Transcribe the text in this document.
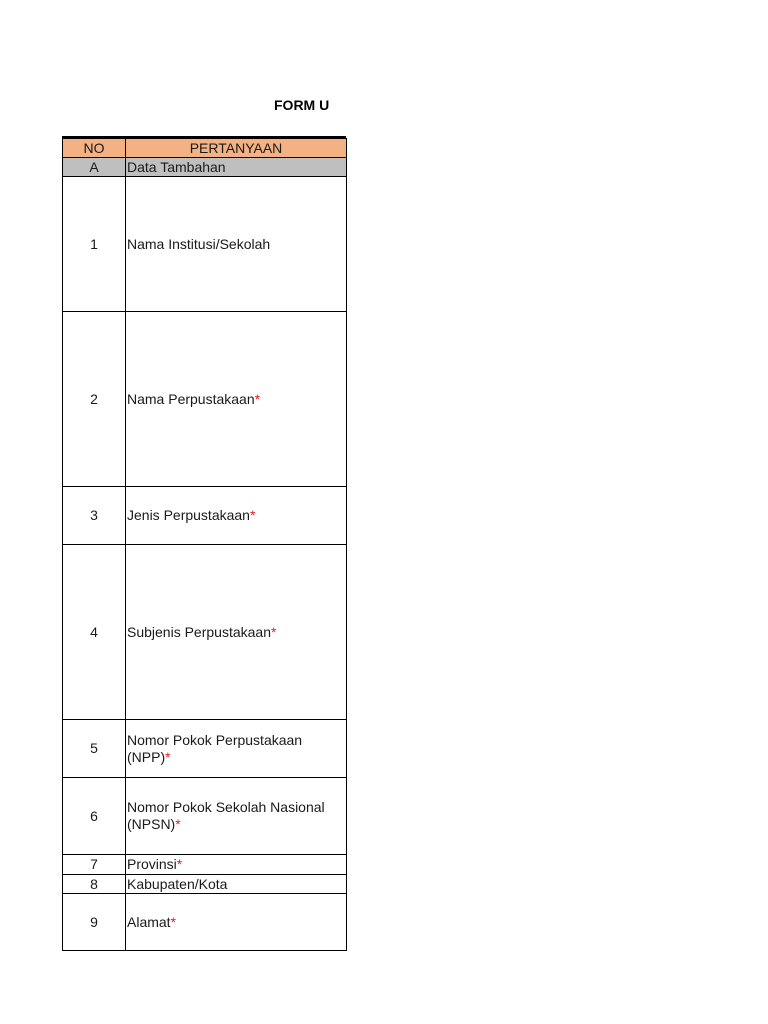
FORM U
NO	PERTANYAAN
A	Data Tambahan
1	Nama Institusi/Sekolah
2	Nama Perpustakaan*
3	Jenis Perpustakaan*
4	Subjenis Perpustakaan*
5	Nomor Pokok Perpustakaan (NPP)*
6	Nomor Pokok Sekolah Nasional (NPSN)*
7	Provinsi*
8	Kabupaten/Kota
9	Alamat*
